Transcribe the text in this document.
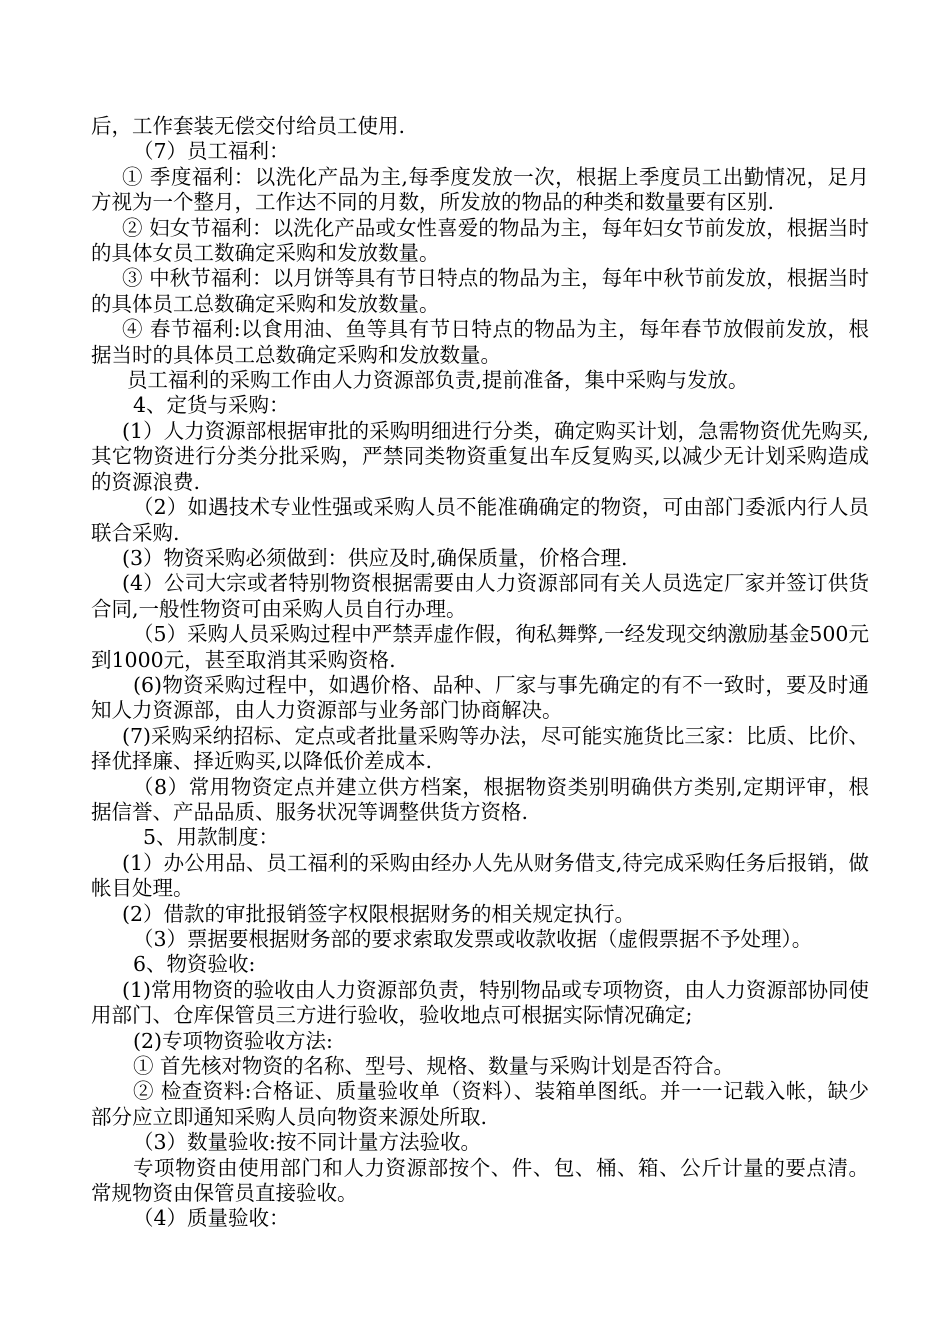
后，工作套装无偿交付给员工使用.

（7）员工福利：

① 季度福利：以洗化产品为主,每季度发放一次，根据上季度员工出勤情况，足月方视为一个整月，工作达不同的月数，所发放的物品的种类和数量要有区别.

② 妇女节福利：以洗化产品或女性喜爱的物品为主，每年妇女节前发放，根据当时的具体女员工数确定采购和发放数量。

③ 中秋节福利：以月饼等具有节日特点的物品为主，每年中秋节前发放，根据当时的具体员工总数确定采购和发放数量。

④ 春节福利:以食用油、鱼等具有节日特点的物品为主，每年春节放假前发放，根据当时的具体员工总数确定采购和发放数量。

员工福利的采购工作由人力资源部负责,提前准备，集中采购与发放。

4、定货与采购：

(1）人力资源部根据审批的采购明细进行分类，确定购买计划，急需物资优先购买,其它物资进行分类分批采购，严禁同类物资重复出车反复购买,以减少无计划采购造成的资源浪费.

（2）如遇技术专业性强或采购人员不能准确确定的物资，可由部门委派内行人员联合采购.

(3）物资采购必须做到：供应及时,确保质量，价格合理.

(4）公司大宗或者特别物资根据需要由人力资源部同有关人员选定厂家并签订供货合同,一般性物资可由采购人员自行办理。

（5）采购人员采购过程中严禁弄虚作假，徇私舞弊,一经发现交纳激励基金500元到1000元，甚至取消其采购资格.

(6)物资采购过程中，如遇价格、品种、厂家与事先确定的有不一致时，要及时通知人力资源部，由人力资源部与业务部门协商解决。

(7)采购采纳招标、定点或者批量采购等办法，尽可能实施货比三家：比质、比价、择优择廉、择近购买,以降低价差成本.

（8）常用物资定点并建立供方档案，根据物资类别明确供方类别,定期评审，根据信誉、产品品质、服务状况等调整供货方资格.

5、用款制度：

(1）办公用品、员工福利的采购由经办人先从财务借支,待完成采购任务后报销，做帐目处理。

(2）借款的审批报销签字权限根据财务的相关规定执行。

（3）票据要根据财务部的要求索取发票或收款收据（虚假票据不予处理）。

6、物资验收:

(1)常用物资的验收由人力资源部负责，特别物品或专项物资，由人力资源部协同使用部门、仓库保管员三方进行验收，验收地点可根据实际情况确定;

(2)专项物资验收方法:

① 首先核对物资的名称、型号、规格、数量与采购计划是否符合。

② 检查资料:合格证、质量验收单（资料）、装箱单图纸。并一一记载入帐，缺少部分应立即通知采购人员向物资来源处所取.

（3）数量验收:按不同计量方法验收。

专项物资由使用部门和人力资源部按个、件、包、桶、箱、公斤计量的要点清。常规物资由保管员直接验收。

（4）质量验收：
